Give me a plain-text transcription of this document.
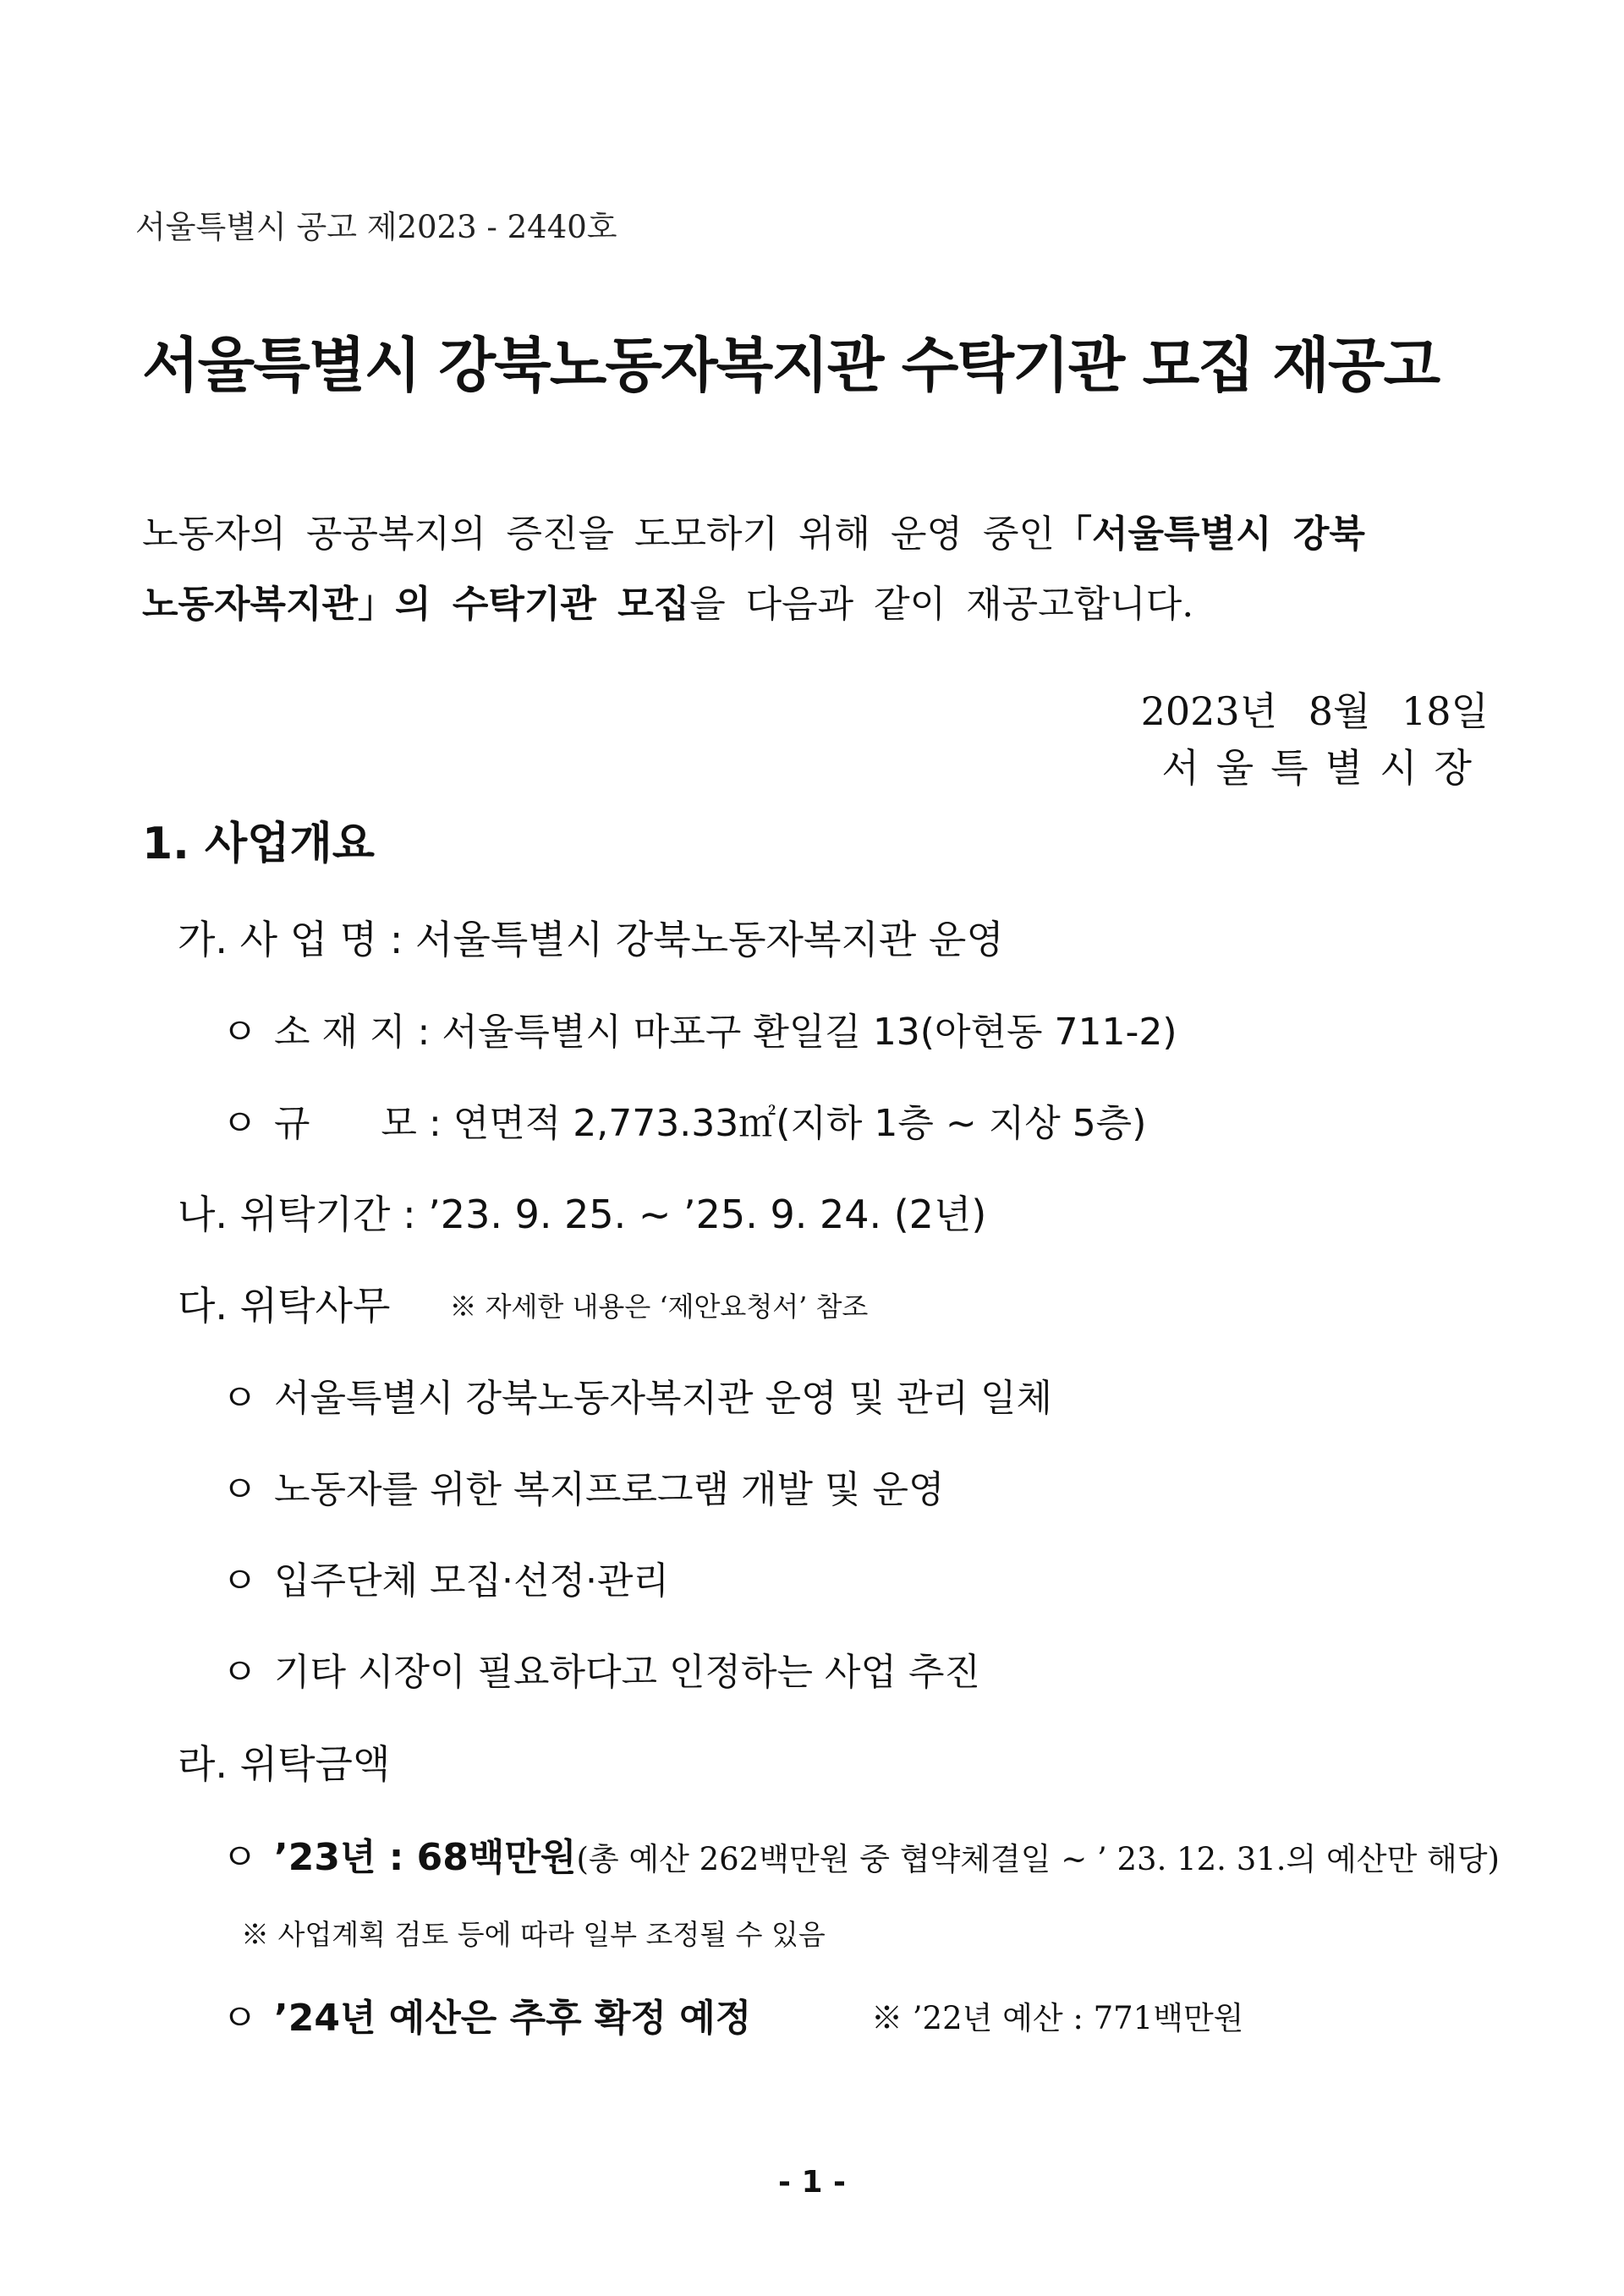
서울특별시 공고 제2023 - 2440호
서울특별시 강북노동자복지관 수탁기관 모집 재공고
노동자의 공공복지의 증진을 도모하기 위해 운영 중인「서울특별시 강북
노동자복지관」의 수탁기관 모집을 다음과 같이 재공고합니다.
2023년 8월 18일
서울특별시장
1. 사업개요
가. 사 업 명 : 서울특별시 강북노동자복지관 운영
ㅇ 소 재 지 : 서울특별시 마포구 환일길 13(아현동 711-2)
ㅇ 규      모 : 연면적 2,773.33㎡(지하 1층 ~ 지상 5층)
나. 위탁기간 : ’23. 9. 25. ~ ’25. 9. 24. (2년)
다. 위탁사무 ※ 자세한 내용은 ‘제안요청서’ 참조
ㅇ 서울특별시 강북노동자복지관 운영 및 관리 일체
ㅇ 노동자를 위한 복지프로그램 개발 및 운영
ㅇ 입주단체 모집·선정·관리
ㅇ 기타 시장이 필요하다고 인정하는 사업 추진
라. 위탁금액
ㅇ ’23년 : 68백만원(총 예산 262백만원 중 협약체결일 ~ ’ 23. 12. 31.의 예산만 해당)
※ 사업계획 검토 등에 따라 일부 조정될 수 있음
ㅇ ’24년 예산은 추후 확정 예정	※ ’22년 예산 : 771백만원
- 1 -
